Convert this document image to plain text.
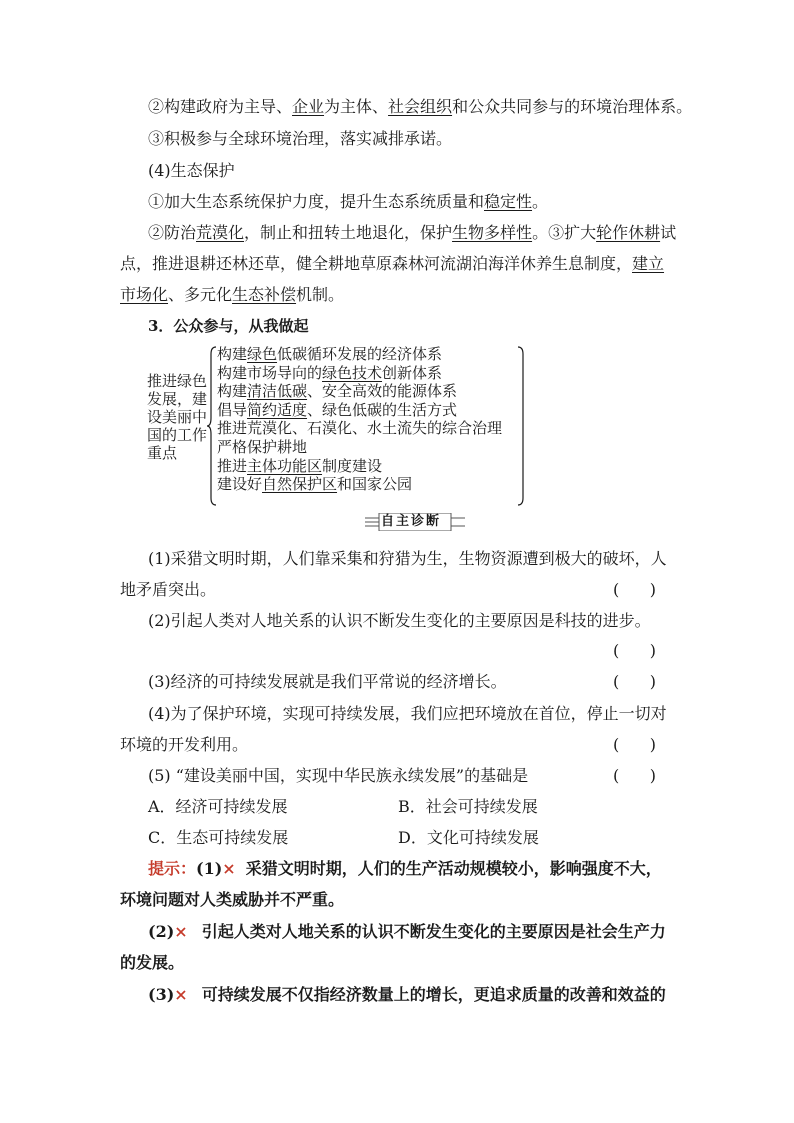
②构建政府为主导、企业为主体、社会组织和公众共同参与的环境治理体系。
③积极参与全球环境治理，落实减排承诺。
(4)生态保护
①加大生态系统保护力度，提升生态系统质量和稳定性。
②防治荒漠化，制止和扭转土地退化，保护生物多样性。③扩大轮作休耕试
点，推进退耕还林还草，健全耕地草原森林河流湖泊海洋休养生息制度，建立
市场化、多元化生态补偿机制。
3．公众参与，从我做起
推进绿色发展，建设美丽中国的工作重点
构建绿色低碳循环发展的经济体系
构建市场导向的绿色技术创新体系
构建清洁低碳、安全高效的能源体系
倡导简约适度、绿色低碳的生活方式
推进荒漠化、石漠化、水土流失的综合治理
严格保护耕地
推进主体功能区制度建设
建设好自然保护区和国家公园
自主诊断
(1)采猎文明时期，人们靠采集和狩猎为生，生物资源遭到极大的破坏，人
地矛盾突出。	(      )
(2)引起人类对人地关系的认识不断发生变化的主要原因是科技的进步。
(      )
(3)经济的可持续发展就是我们平常说的经济增长。	(      )
(4)为了保护环境，实现可持续发展，我们应把环境放在首位，停止一切对
环境的开发利用。	(      )
(5) “建设美丽中国，实现中华民族永续发展”的基础是	(      )
A．经济可持续发展	B．社会可持续发展
C．生态可持续发展	D．文化可持续发展
提示：(1)× 采猎文明时期，人们的生产活动规模较小，影响强度不大，
环境问题对人类威胁并不严重。
(2)× 引起人类对人地关系的认识不断发生变化的主要原因是社会生产力
的发展。
(3)× 可持续发展不仅指经济数量上的增长，更追求质量的改善和效益的
